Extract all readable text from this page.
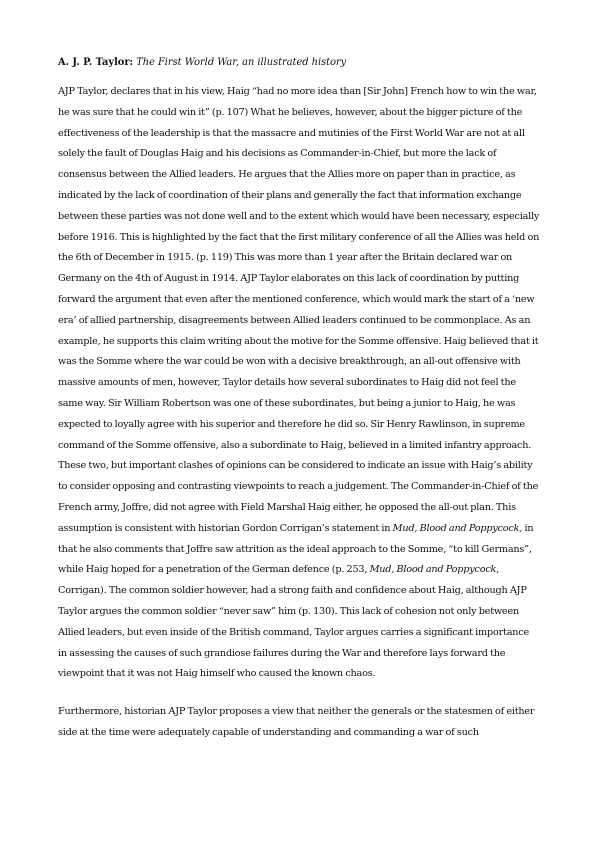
A. J. P. Taylor: The First World War, an illustrated history

AJP Taylor, declares that in his view, Haig “had no more idea than [Sir John] French how to win the war, he was sure that he could win it” (p. 107) What he believes, however, about the bigger picture of the effectiveness of the leadership is that the massacre and mutinies of the First World War are not at all solely the fault of Douglas Haig and his decisions as Commander-in-Chief, but more the lack of consensus between the Allied leaders. He argues that the Allies more on paper than in practice, as indicated by the lack of coordination of their plans and generally the fact that information exchange between these parties was not done well and to the extent which would have been necessary, especially before 1916. This is highlighted by the fact that the first military conference of all the Allies was held on the 6th of December in 1915. (p. 119) This was more than 1 year after the Britain declared war on Germany on the 4th of August in 1914. AJP Taylor elaborates on this lack of coordination by putting forward the argument that even after the mentioned conference, which would mark the start of a ‘new era’ of allied partnership, disagreements between Allied leaders continued to be commonplace. As an example, he supports this claim writing about the motive for the Somme offensive. Haig believed that it was the Somme where the war could be won with a decisive breakthrough, an all-out offensive with massive amounts of men, however, Taylor details how several subordinates to Haig did not feel the same way. Sir William Robertson was one of these subordinates, but being a junior to Haig, he was expected to loyally agree with his superior and therefore he did so. Sir Henry Rawlinson, in supreme command of the Somme offensive, also a subordinate to Haig, believed in a limited infantry approach. These two, but important clashes of opinions can be considered to indicate an issue with Haig’s ability to consider opposing and contrasting viewpoints to reach a judgement. The Commander-in-Chief of the French army, Joffre, did not agree with Field Marshal Haig either, he opposed the all-out plan. This assumption is consistent with historian Gordon Corrigan’s statement in Mud, Blood and Poppycock, in that he also comments that Joffre saw attrition as the ideal approach to the Somme, “to kill Germans”, while Haig hoped for a penetration of the German defence (p. 253, Mud, Blood and Poppycock, Corrigan). The common soldier however, had a strong faith and confidence about Haig, although AJP Taylor argues the common soldier “never saw” him (p. 130). This lack of cohesion not only between Allied leaders, but even inside of the British command, Taylor argues carries a significant importance in assessing the causes of such grandiose failures during the War and therefore lays forward the viewpoint that it was not Haig himself who caused the known chaos.

Furthermore, historian AJP Taylor proposes a view that neither the generals or the statesmen of either side at the time were adequately capable of understanding and commanding a war of such
